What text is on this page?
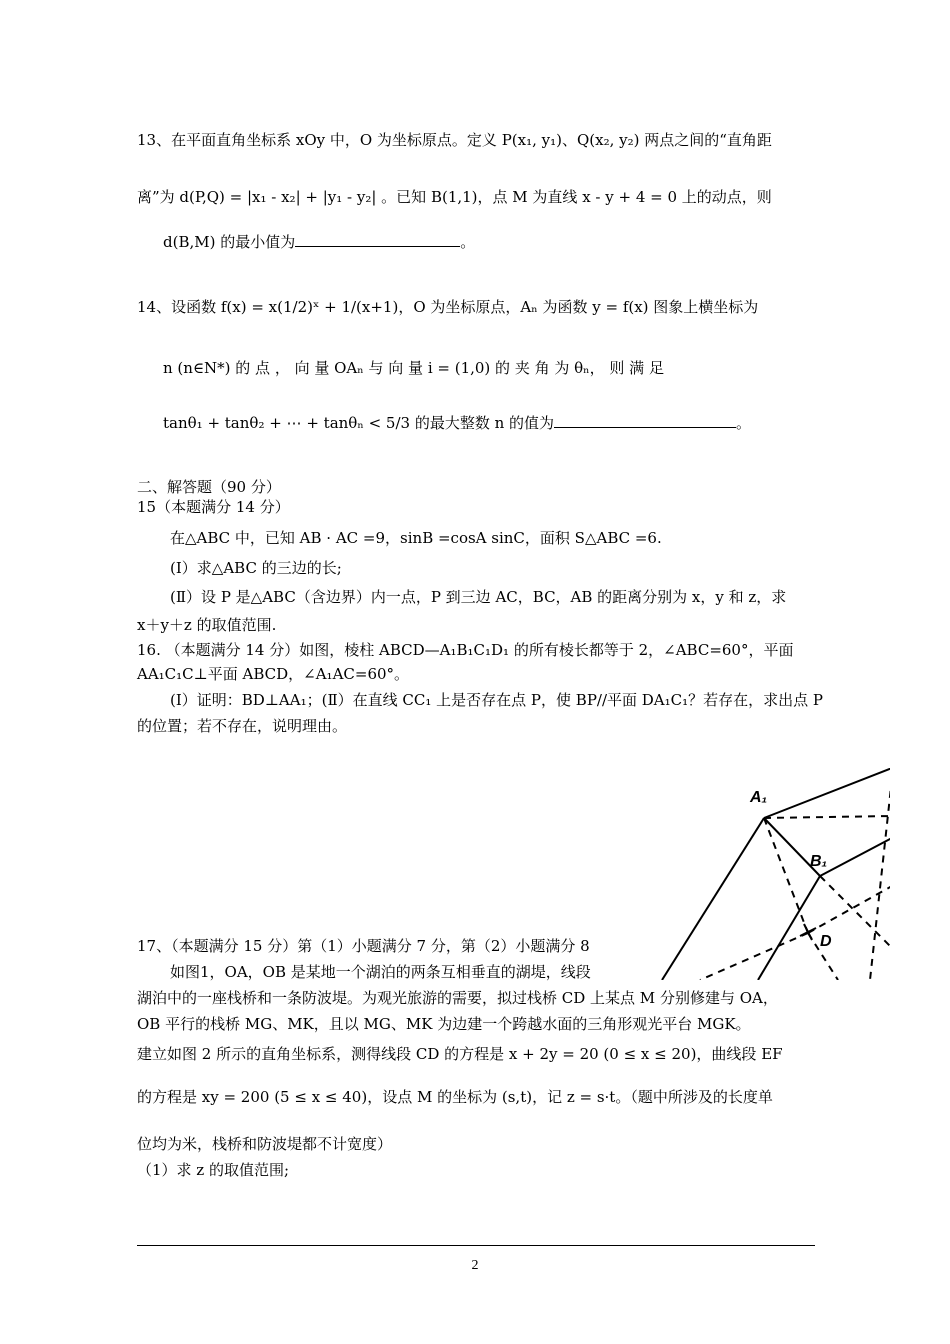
13、在平面直角坐标系 xOy 中，O 为坐标原点。定义 P(x₁, y₁)、Q(x₂, y₂) 两点之间的“直角距
离”为 d(P,Q) = |x₁ - x₂| + |y₁ - y₂| 。已知 B(1,1)，点 M 为直线 x - y + 4 = 0 上的动点，则
d(B,M) 的最小值为	。
14、设函数 f(x) = x(1/2)ˣ + 1/(x+1)，O 为坐标原点，Aₙ 为函数 y = f(x) 图象上横坐标为
n (n∈N*) 的 点 ， 向 量 OAₙ 与 向 量 i = (1,0) 的 夹 角 为 θₙ， 则 满 足
tanθ₁ + tanθ₂ + ⋯ + tanθₙ < 5/3 的最大整数 n 的值为	。
二、解答题（90 分）
15（本题满分 14 分）
在△ABC 中，已知 AB · AC =9，sinB =cosA sinC，面积 S△ABC =6.
(Ⅰ）求△ABC 的三边的长;
(Ⅱ）设 P 是△ABC（含边界）内一点，P 到三边 AC，BC，AB 的距离分别为 x，y 和 z，求
x＋y＋z 的取值范围.
16. （本题满分 14 分）如图，棱柱 ABCD—A₁B₁C₁D₁ 的所有棱长都等于 2，∠ABC=60°，平面
AA₁C₁C⊥平面 ABCD，∠A₁AC=60°。
(Ⅰ）证明：BD⊥AA₁；(Ⅱ）在直线 CC₁ 上是否存在点 P，使 BP//平面 DA₁C₁？若存在，求出点 P
的位置；若不存在，说明理由。
A₁
B₁
D
17、（本题满分 15 分）第（1）小题满分 7 分，第（2）小题满分 8
如图1，OA，OB 是某地一个湖泊的两条互相垂直的湖堤，线段
湖泊中的一座栈桥和一条防波堤。为观光旅游的需要，拟过栈桥 CD 上某点 M 分别修建与 OA，
OB 平行的栈桥 MG、MK，且以 MG、MK 为边建一个跨越水面的三角形观光平台 MGK。
建立如图 2 所示的直角坐标系，测得线段 CD 的方程是 x + 2y = 20 (0 ≤ x ≤ 20)，曲线段 EF
的方程是 xy = 200 (5 ≤ x ≤ 40)，设点 M 的坐标为 (s,t)，记 z = s·t。（题中所涉及的长度单
位均为米，栈桥和防波堤都不计宽度）
（1）求 z 的取值范围;
2
